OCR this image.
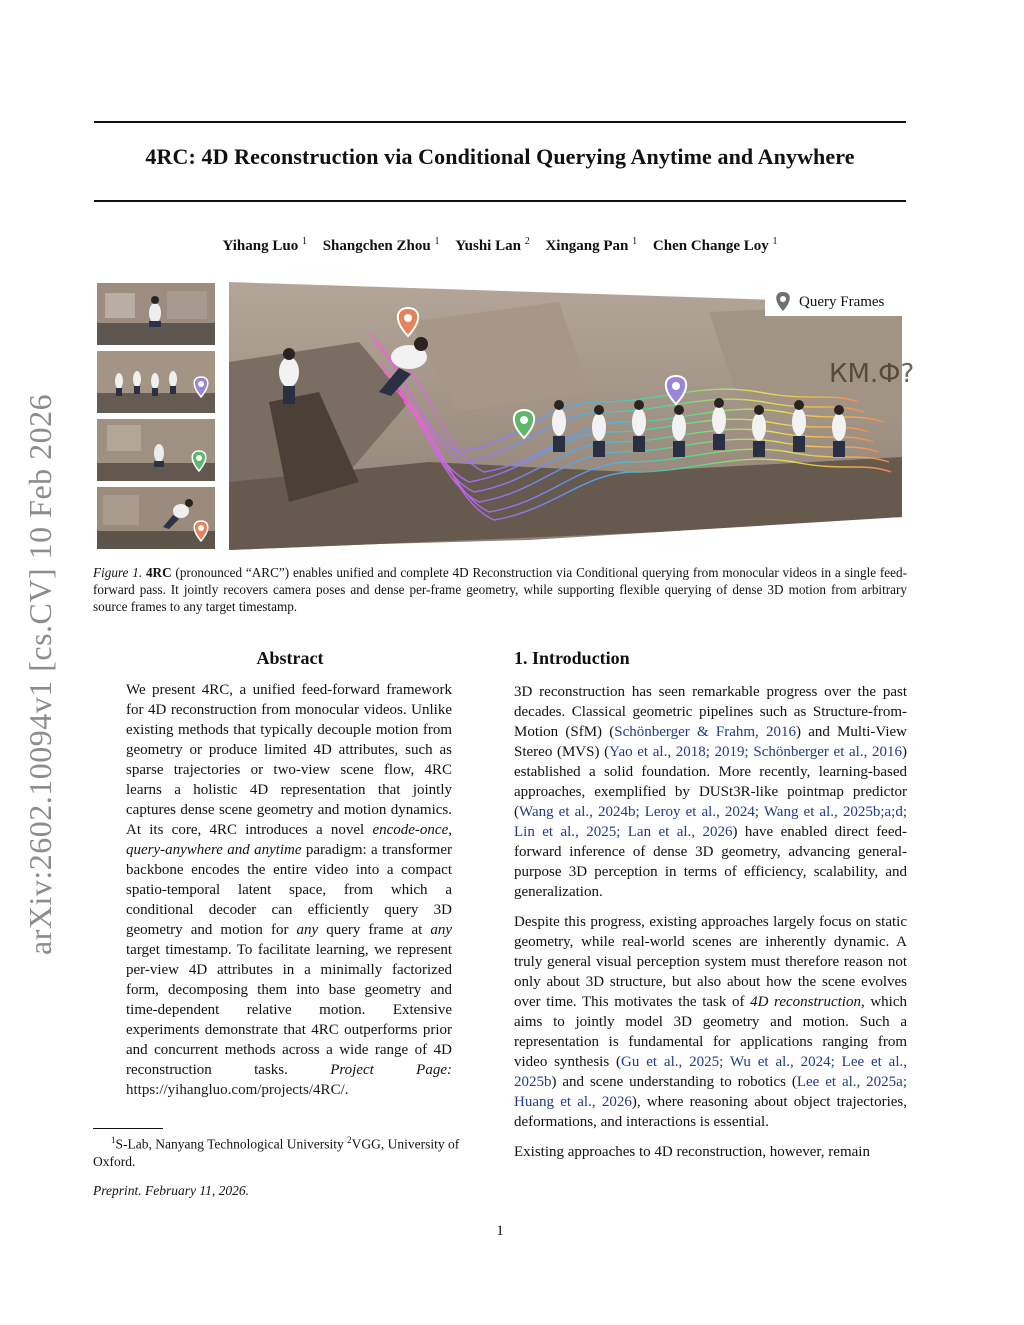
arXiv:2602.10094v1 [cs.CV] 10 Feb 2026
4RC: 4D Reconstruction via Conditional Querying Anytime and Anywhere
Yihang Luo $^1$ Shangchen Zhou $^1$ Yushi Lan $^2$ Xingang Pan $^1$ Chen Change Loy $^1$
КМ.Ф?
Query Frames
Figure 1. 4RC (pronounced “ARC”) enables unified and complete 4D Reconstruction via Conditional querying from monocular videos in a single feed-forward pass. It jointly recovers camera poses and dense per-frame geometry, while supporting flexible querying of dense 3D motion from arbitrary source frames to any target timestamp.
Abstract

We present 4RC, a unified feed-forward framework for 4D reconstruction from monocular videos. Unlike existing methods that typically decouple motion from geometry or produce limited 4D attributes, such as sparse trajectories or two-view scene flow, 4RC learns a holistic 4D representation that jointly captures dense scene geometry and motion dynamics. At its core, 4RC introduces a novel encode-once, query-anywhere and anytime paradigm: a transformer backbone encodes the entire video into a compact spatio-temporal latent space, from which a conditional decoder can efficiently query 3D geometry and motion for any query frame at any target timestamp. To facilitate learning, we represent per-view 4D attributes in a minimally factorized form, decomposing them into base geometry and time-dependent relative motion. Extensive experiments demonstrate that 4RC outperforms prior and concurrent methods across a wide range of 4D reconstruction tasks. Project Page: https://yihangluo.com/projects/4RC/.

$^1$S-Lab, Nanyang Technological University $^2$VGG, University of Oxford.
Preprint. February 11, 2026.
1. Introduction

3D reconstruction has seen remarkable progress over the past decades. Classical geometric pipelines such as Structure-from-Motion (SfM) (Schönberger & Frahm, 2016) and Multi-View Stereo (MVS) (Yao et al., 2018; 2019; Schönberger et al., 2016) established a solid foundation. More recently, learning-based approaches, exemplified by DUSt3R-like pointmap predictor (Wang et al., 2024b; Leroy et al., 2024; Wang et al., 2025b;a;d; Lin et al., 2025; Lan et al., 2026) have enabled direct feed-forward inference of dense 3D geometry, advancing general-purpose 3D perception in terms of efficiency, scalability, and generalization.

Despite this progress, existing approaches largely focus on static geometry, while real-world scenes are inherently dynamic. A truly general visual perception system must therefore reason not only about 3D structure, but also about how the scene evolves over time. This motivates the task of 4D reconstruction, which aims to jointly model 3D geometry and motion. Such a representation is fundamental for applications ranging from video synthesis (Gu et al., 2025; Wu et al., 2024; Lee et al., 2025b) and scene understanding to robotics (Lee et al., 2025a; Huang et al., 2026), where reasoning about object trajectories, deformations, and interactions is essential.

Existing approaches to 4D reconstruction, however, remain

1
